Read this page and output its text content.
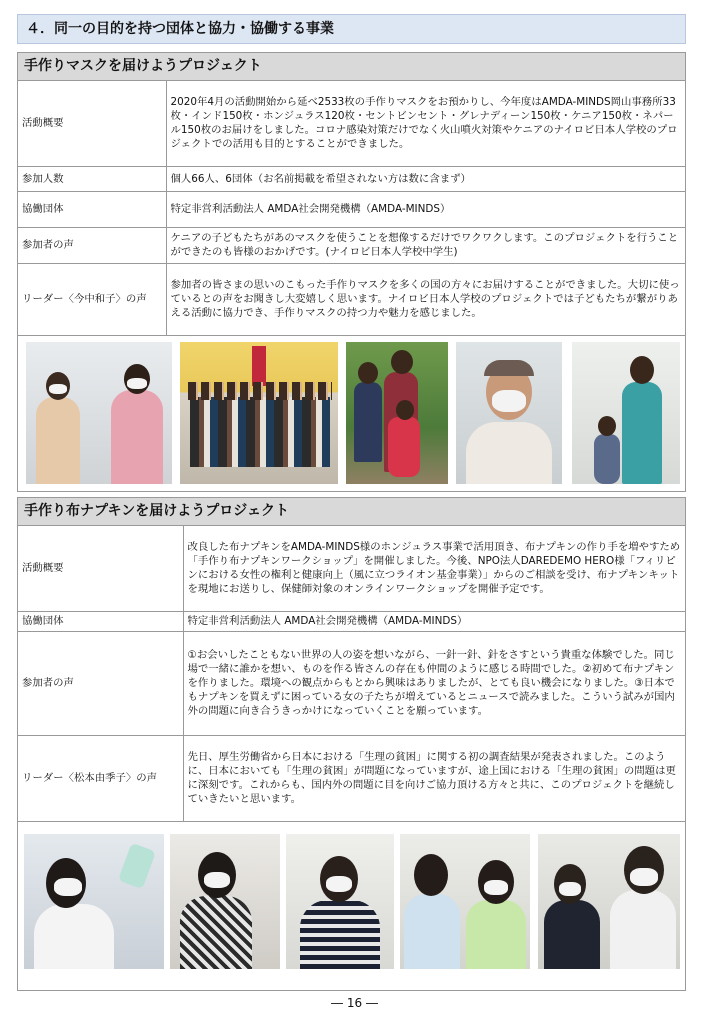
４．同一の目的を持つ団体と協力・協働する事業
手作りマスクを届けようプロジェクト
活動概要	2020年4月の活動開始から延べ2533枚の手作りマスクをお預かりし、今年度はAMDA-MINDS岡山事務所33枚・インド150枚・ホンジュラス120枚・セントビンセント・グレナディーン150枚・ケニア150枚・ネパール150枚のお届けをしました。コロナ感染対策だけでなく火山噴火対策やケニアのナイロビ日本人学校のプロジェクトでの活用も目的とすることができました。
参加人数	個人66人、6団体（お名前掲載を希望されない方は数に含まず）
協働団体	特定非営利活動法人 AMDA社会開発機構（AMDA-MINDS）
参加者の声	ケニアの子どもたちがあのマスクを使うことを想像するだけでワクワクします。このプロジェクトを行うことができたのも皆様のおかげです。(ナイロビ日本人学校中学生)
リーダー〈今中和子〉の声	参加者の皆さまの思いのこもった手作りマスクを多くの国の方々にお届けすることができました。大切に使っているとの声をお聞きし大変嬉しく思います。ナイロビ日本人学校のプロジェクトでは子どもたちが繋がりあえる活動に協力でき、手作りマスクの持つ力や魅力を感じました。
手作り布ナプキンを届けようプロジェクト
活動概要	改良した布ナプキンをAMDA-MINDS様のホンジュラス事業で活用頂き、布ナプキンの作り手を増やすため「手作り布ナプキンワークショップ」を開催しました。今後、NPO法人DAREDEMO HERO様「フィリピンにおける女性の権利と健康向上（風に立つライオン基金事業）」からのご相談を受け、布ナプキンキットを現地にお送りし、保健師対象のオンラインワークショップを開催予定です。
協働団体	特定非営利活動法人 AMDA社会開発機構（AMDA-MINDS）
参加者の声	①お会いしたこともない世界の人の姿を想いながら、一針一針、針をさすという貴重な体験でした。同じ場で一緒に誰かを想い、ものを作る皆さんの存在も仲間のように感じる時間でした。②初めて布ナプキンを作りました。環境への観点からもとから興味はありましたが、とても良い機会になりました。③日本でもナプキンを買えずに困っている女の子たちが増えているとニュースで読みました。こういう試みが国内外の問題に向き合うきっかけになっていくことを願っています。
リーダー〈松本由季子〉の声	先日、厚生労働省から日本における「生理の貧困」に関する初の調査結果が発表されました。このように、日本においても「生理の貧困」が問題になっていますが、途上国における「生理の貧困」の問題は更に深刻です。これからも、国内外の問題に目を向けご協力頂ける方々と共に、このプロジェクトを継続していきたいと思います。
― 16 ―
